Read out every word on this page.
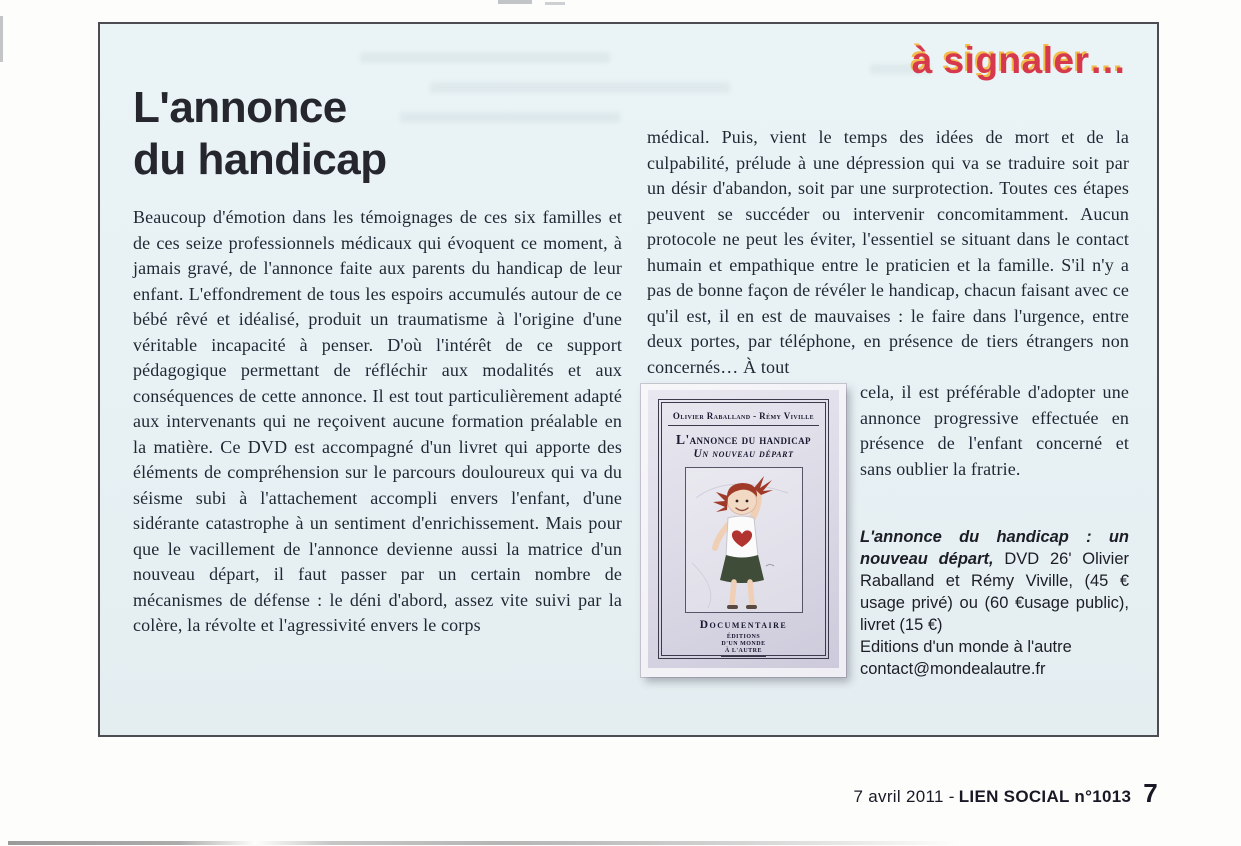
à signaler…
L'annonce
du handicap

Beaucoup d'émotion dans les témoignages de ces six familles et de ces seize professionnels médicaux qui évoquent ce moment, à jamais gravé, de l'annonce faite aux parents du handicap de leur enfant. L'effondrement de tous les espoirs accumulés autour de ce bébé rêvé et idéalisé, produit un traumatisme à l'origine d'une véritable incapacité à penser. D'où l'intérêt de ce support pédagogique permettant de réfléchir aux modalités et aux conséquences de cette annonce. Il est tout particulièrement adapté aux intervenants qui ne reçoivent aucune formation préalable en la matière. Ce DVD est accompagné d'un livret qui apporte des éléments de compréhension sur le parcours douloureux qui va du séisme subi à l'attachement accompli envers l'enfant, d'une sidérante catastrophe à un sentiment d'enrichissement. Mais pour que le vacillement de l'annonce devienne aussi la matrice d'un nouveau départ, il faut passer par un certain nombre de mécanismes de défense : le déni d'abord, assez vite suivi par la colère, la révolte et l'agressivité envers le corps

médical. Puis, vient le temps des idées de mort et de la culpabilité, prélude à une dépression qui va se traduire soit par un désir d'abandon, soit par une surprotection. Toutes ces étapes peuvent se succéder ou intervenir concomitamment. Aucun protocole ne peut les éviter, l'essentiel se situant dans le contact humain et empathique entre le praticien et la famille. S'il n'y a pas de bonne façon de révéler le handicap, chacun faisant avec ce qu'il est, il en est de mauvaises : le faire dans l'urgence, entre deux portes, par téléphone, en présence de tiers étrangers non concernés… À tout

Olivier Raballand - Rémy Viville
L'annonce du handicap
Un nouveau départ
Documentaire
ÉDITIONS
D'UN MONDE
À L'AUTRE

cela, il est préférable d'adopter une annonce progressive effectuée en présence de l'enfant concerné et sans oublier la fratrie.

L'annonce du handicap : un nouveau départ, DVD 26' Olivier Raballand et Rémy Viville, (45 € usage privé) ou (60 €usage public), livret (15 €)

Editions d'un monde à l'autre
contact@mondealautre.fr
7 avril 2011 - LIEN SOCIAL n°1013 7
